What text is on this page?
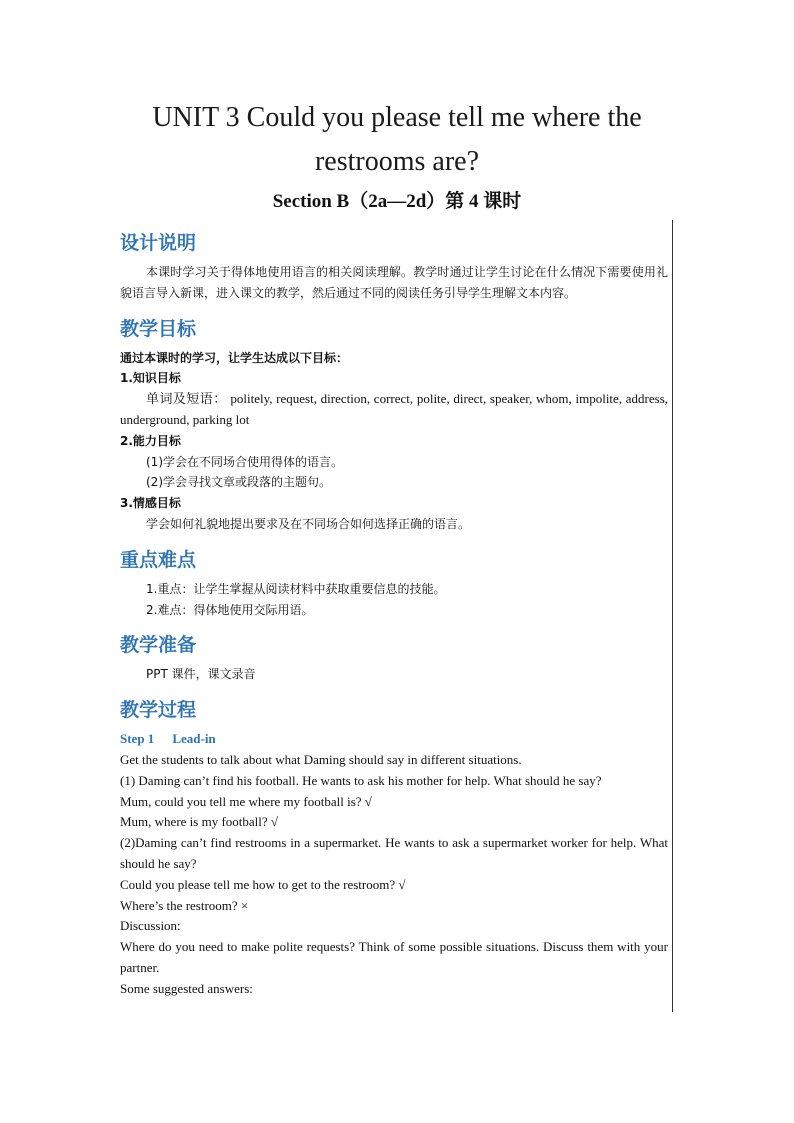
UNIT 3 Could you please tell me where the restrooms are?
Section B（2a—2d）第 4 课时
设计说明

本课时学习关于得体地使用语言的相关阅读理解。教学时通过让学生讨论在什么情况下需要使用礼貌语言导入新课，进入课文的教学，然后通过不同的阅读任务引导学生理解文本内容。

教学目标

通过本课时的学习，让学生达成以下目标：

1.知识目标

单词及短语： politely, request, direction, correct, polite, direct, speaker, whom, impolite, address, underground, parking lot

2.能力目标

(1)学会在不同场合使用得体的语言。

(2)学会寻找文章或段落的主题句。

3.情感目标

学会如何礼貌地提出要求及在不同场合如何选择正确的语言。

重点难点

1.重点：让学生掌握从阅读材料中获取重要信息的技能。

2.难点：得体地使用交际用语。

教学准备

PPT 课件，课文录音

教学过程
Step 1 Lead-in

Get the students to talk about what Daming should say in different situations.

(1) Daming can’t find his football. He wants to ask his mother for help. What should he say?

Mum, could you tell me where my football is? √

Mum, where is my football? √

(2)Daming can’t find restrooms in a supermarket. He wants to ask a supermarket worker for help. What should he say?

Could you please tell me how to get to the restroom? √

Where’s the restroom? ×

Discussion:

Where do you need to make polite requests? Think of some possible situations. Discuss them with your partner.

Some suggested answers:
